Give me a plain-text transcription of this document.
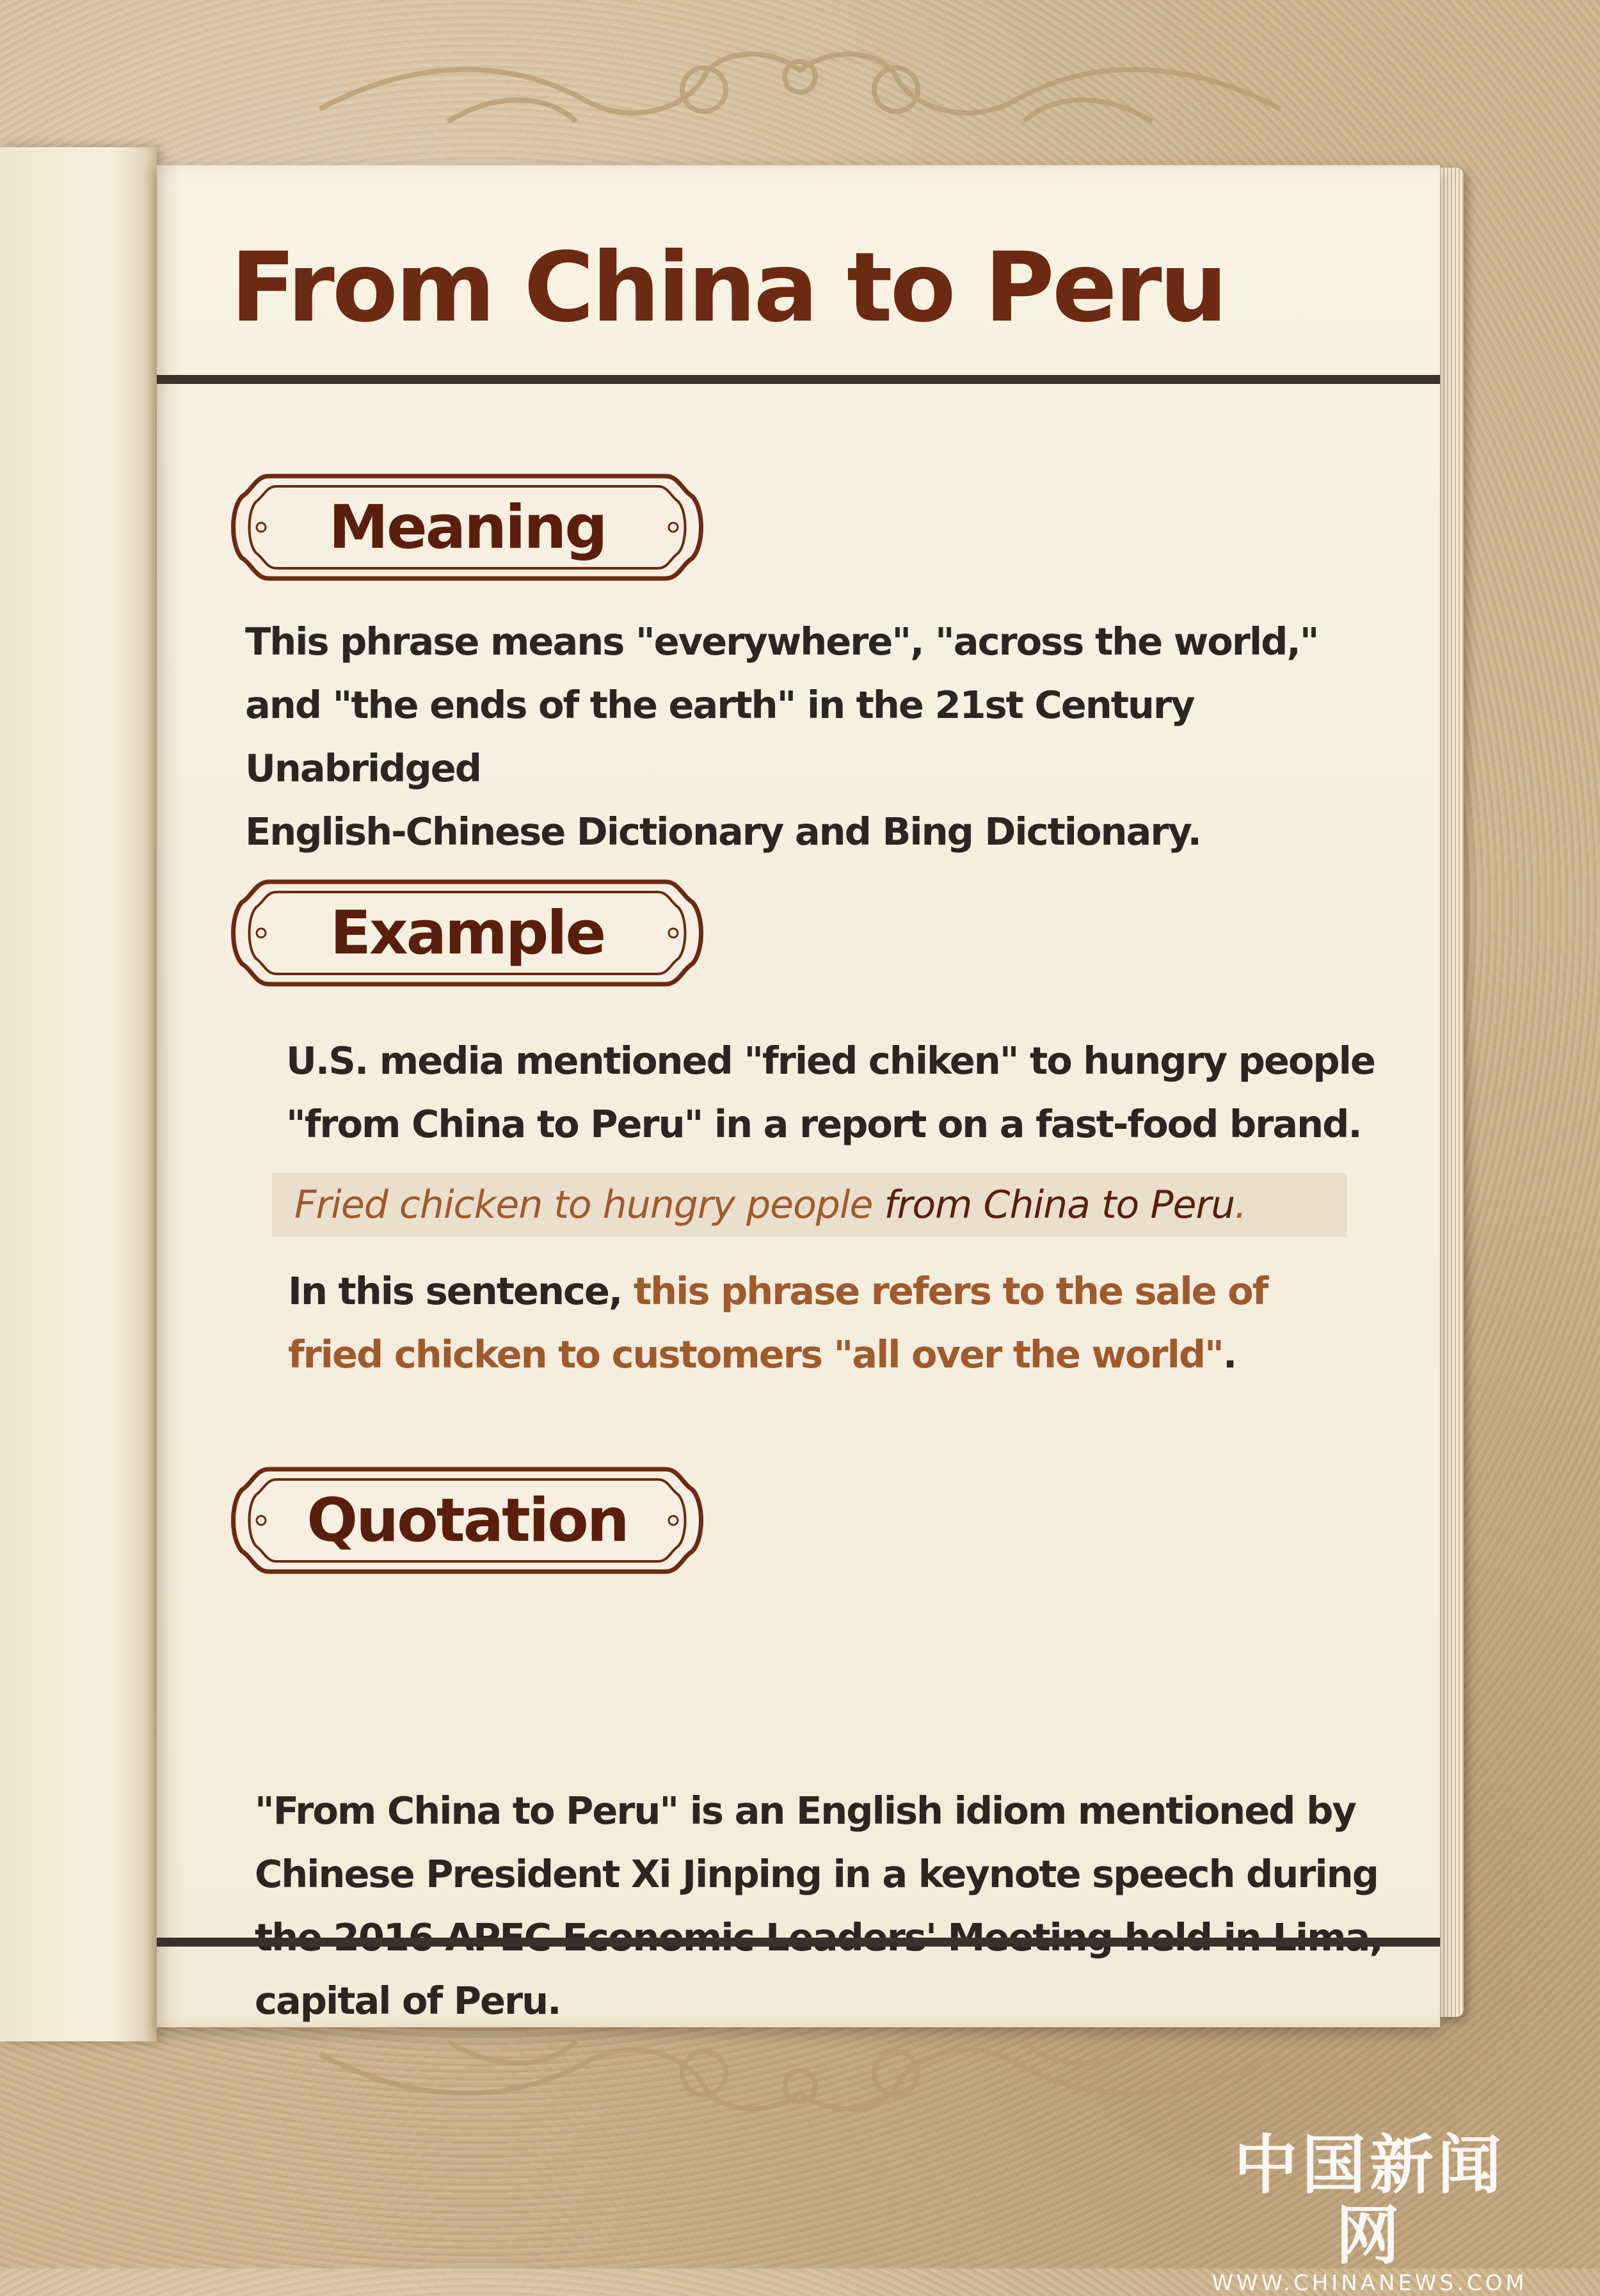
From China to Peru
Meaning
This phrase means "everywhere", "across the world,"
and "the ends of the earth" in the 21st Century Unabridged
English-Chinese Dictionary and Bing Dictionary.
Example
U.S. media mentioned "fried chiken" to hungry people
"from China to Peru" in a report on a fast-food brand.
Fried chicken to hungry people from China to Peru.
In this sentence, this phrase refers to the sale of
fried chicken to customers "all over the world".
Quotation
"From China to Peru" is an English idiom mentioned by
Chinese President Xi Jinping in a keynote speech during
capital of Peru.
中国新闻网
WWW.CHINANEWS.COM
